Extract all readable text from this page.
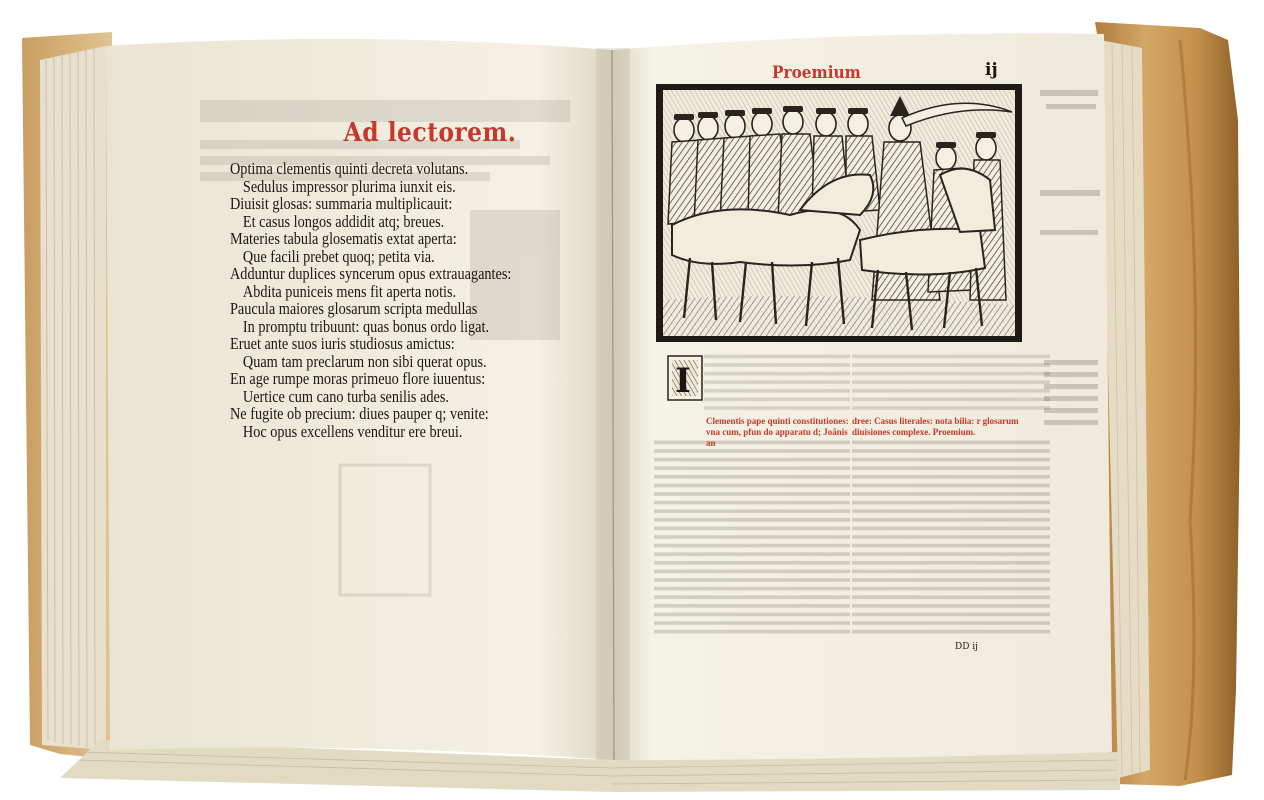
I
Ad lectorem.
Optima clementis quinti decreta volutans.
Sedulus impressor plurima iunxit eis.
Diuisit glosas: summaria multiplicauit:
Et casus longos addidit atq; breues.
Materies tabula glosematis extat aperta:
Que facili prebet quoq; petita via.
Adduntur duplices syncerum opus extrauagantes:
Abdita puniceis mens fit aperta notis.
Paucula maiores glosarum scripta medullas
In promptu tribuunt: quas bonus ordo ligat.
Eruet ante suos iuris studiosus amictus:
Quam tam preclarum non sibi querat opus.
En age rumpe moras primeuo flore iuuentus:
Uertice cum cano turba senilis ades.
Ne fugite ob precium: diues pauper q; venite:
Hoc opus excellens venditur ere breui.
Proemium	ij
Clementis pape quinti constitutiones: vna cum, pfun do apparatu d; Joãnis an
dree: Casus literales: nota bilia: r glosarum diuisiones complexe. Proemium.
DD ij
